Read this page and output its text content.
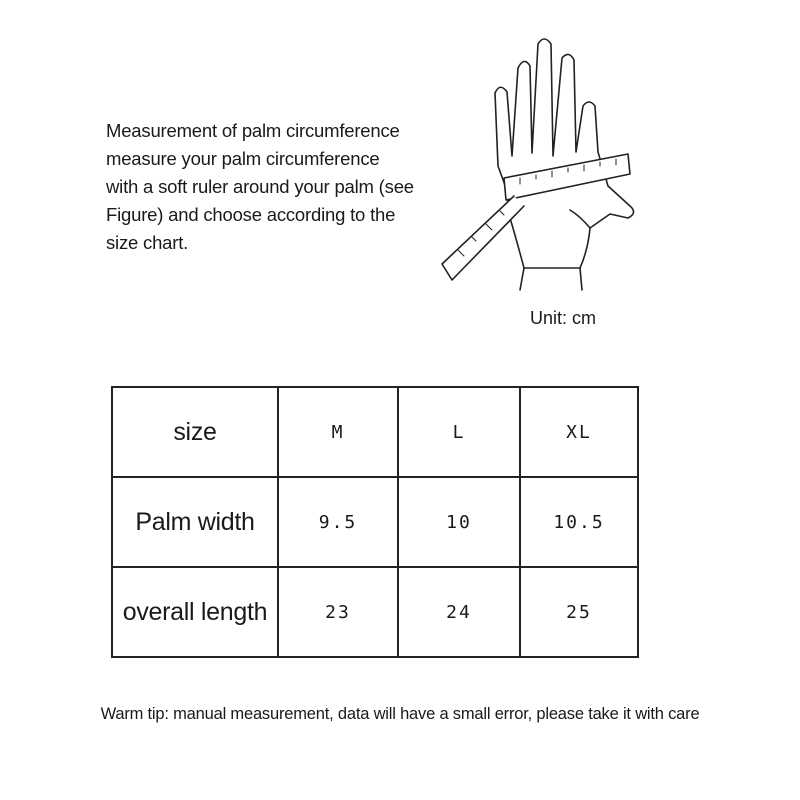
Measurement of palm circumference
measure your palm circumference
with a soft ruler around your palm (see
Figure) and choose according to the
size chart.
Unit: cm
size	M	L	XL
Palm width	9.5	10	10.5
overall length	23	24	25
Warm tip: manual measurement, data will have a small error, please take it with care
